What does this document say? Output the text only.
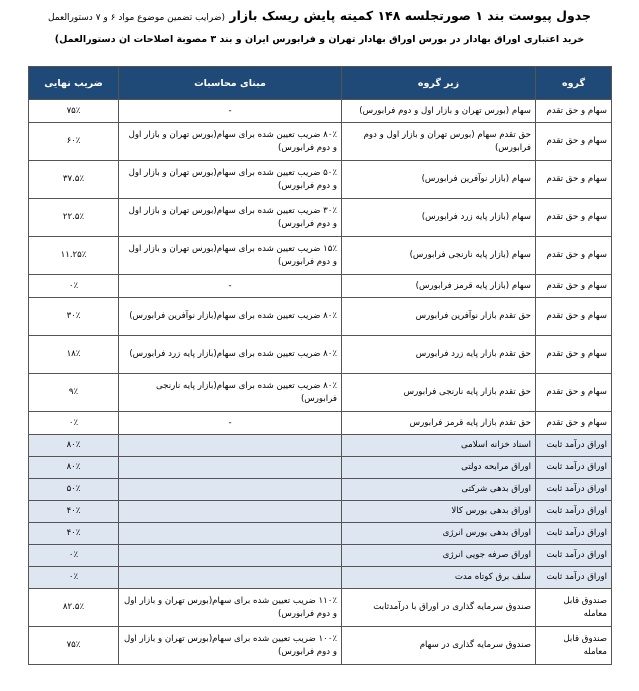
جدول پیوست بند ۱ صورتجلسه ۱۴۸ کمیته پایش ریسک بازار (ضرایب تضمین موضوع مواد ۶ و ۷ دستورالعمل
خرید اعتباری اوراق بهادار در بورس اوراق بهادار تهران و فرابورس ایران و بند ۳ مصوبة اصلاحات آن دستورالعمل)
گروه	زیر گروه	مبنای محاسبات	ضریب نهایی
سهام و حق تقدم	سهام (بورس تهران و بازار اول و دوم فرابورس)	-	۷۵٪
سهام و حق تقدم	حق تقدم سهام (بورس تهران و بازار اول و دوم فرابورس)	۸۰٪ ضریب تعیین شده برای سهام(بورس تهران و بازار اول و دوم فرابورس)	۶۰٪
سهام و حق تقدم	سهام (بازار نوآفرین فرابورس)	۵۰٪ ضریب تعیین شده برای سهام(بورس تهران و بازار اول و دوم فرابورس)	۳۷.۵٪
سهام و حق تقدم	سهام (بازار پایه زرد فرابورس)	۳۰٪ ضریب تعیین شده برای سهام(بورس تهران و بازار اول و دوم فرابورس)	۲۲.۵٪
سهام و حق تقدم	سهام (بازار پایه نارنجی فرابورس)	۱۵٪ ضریب تعیین شده برای سهام(بورس تهران و بازار اول و دوم فرابورس)	۱۱.۲۵٪
سهام و حق تقدم	سهام (بازار پایه قرمز فرابورس)	-	۰٪
سهام و حق تقدم	حق تقدم بازار نوآفرین فرابورس	۸۰٪ ضریب تعیین شده برای سهام(بازار نوآفرین فرابورس)	۳۰٪
سهام و حق تقدم	حق تقدم بازار پایه زرد فرابورس	۸۰٪ ضریب تعیین شده برای سهام(بازار پایه زرد فرابورس)	۱۸٪
سهام و حق تقدم	حق تقدم بازار پایه نارنجی فرابورس	۸۰٪ ضریب تعیین شده برای سهام(بازار پایه نارنجی فرابورس)	۹٪
سهام و حق تقدم	حق تقدم بازار پایه قرمز فرابورس	-	۰٪
اوراق درآمد ثابت	اسناد خزانه اسلامی		۸۰٪
اوراق درآمد ثابت	اوراق مرابحه دولتی		۸۰٪
اوراق درآمد ثابت	اوراق بدهی شرکتی		۵۰٪
اوراق درآمد ثابت	اوراق بدهی بورس کالا		۴۰٪
اوراق درآمد ثابت	اوراق بدهی بورس انرژی		۴۰٪
اوراق درآمد ثابت	اوراق صرفه جویی انرژی		۰٪
اوراق درآمد ثابت	سلف برق کوتاه مدت		۰٪
صندوق قابل معامله	صندوق سرمایه گذاری در اوراق با درآمدثابت	۱۱۰٪ ضریب تعیین شده برای سهام(بورس تهران و بازار اول و دوم فرابورس)	۸۲.۵٪
صندوق قابل معامله	صندوق سرمایه گذاری در سهام	۱۰۰٪ ضریب تعیین شده برای سهام(بورس تهران و بازار اول و دوم فرابورس)	۷۵٪
